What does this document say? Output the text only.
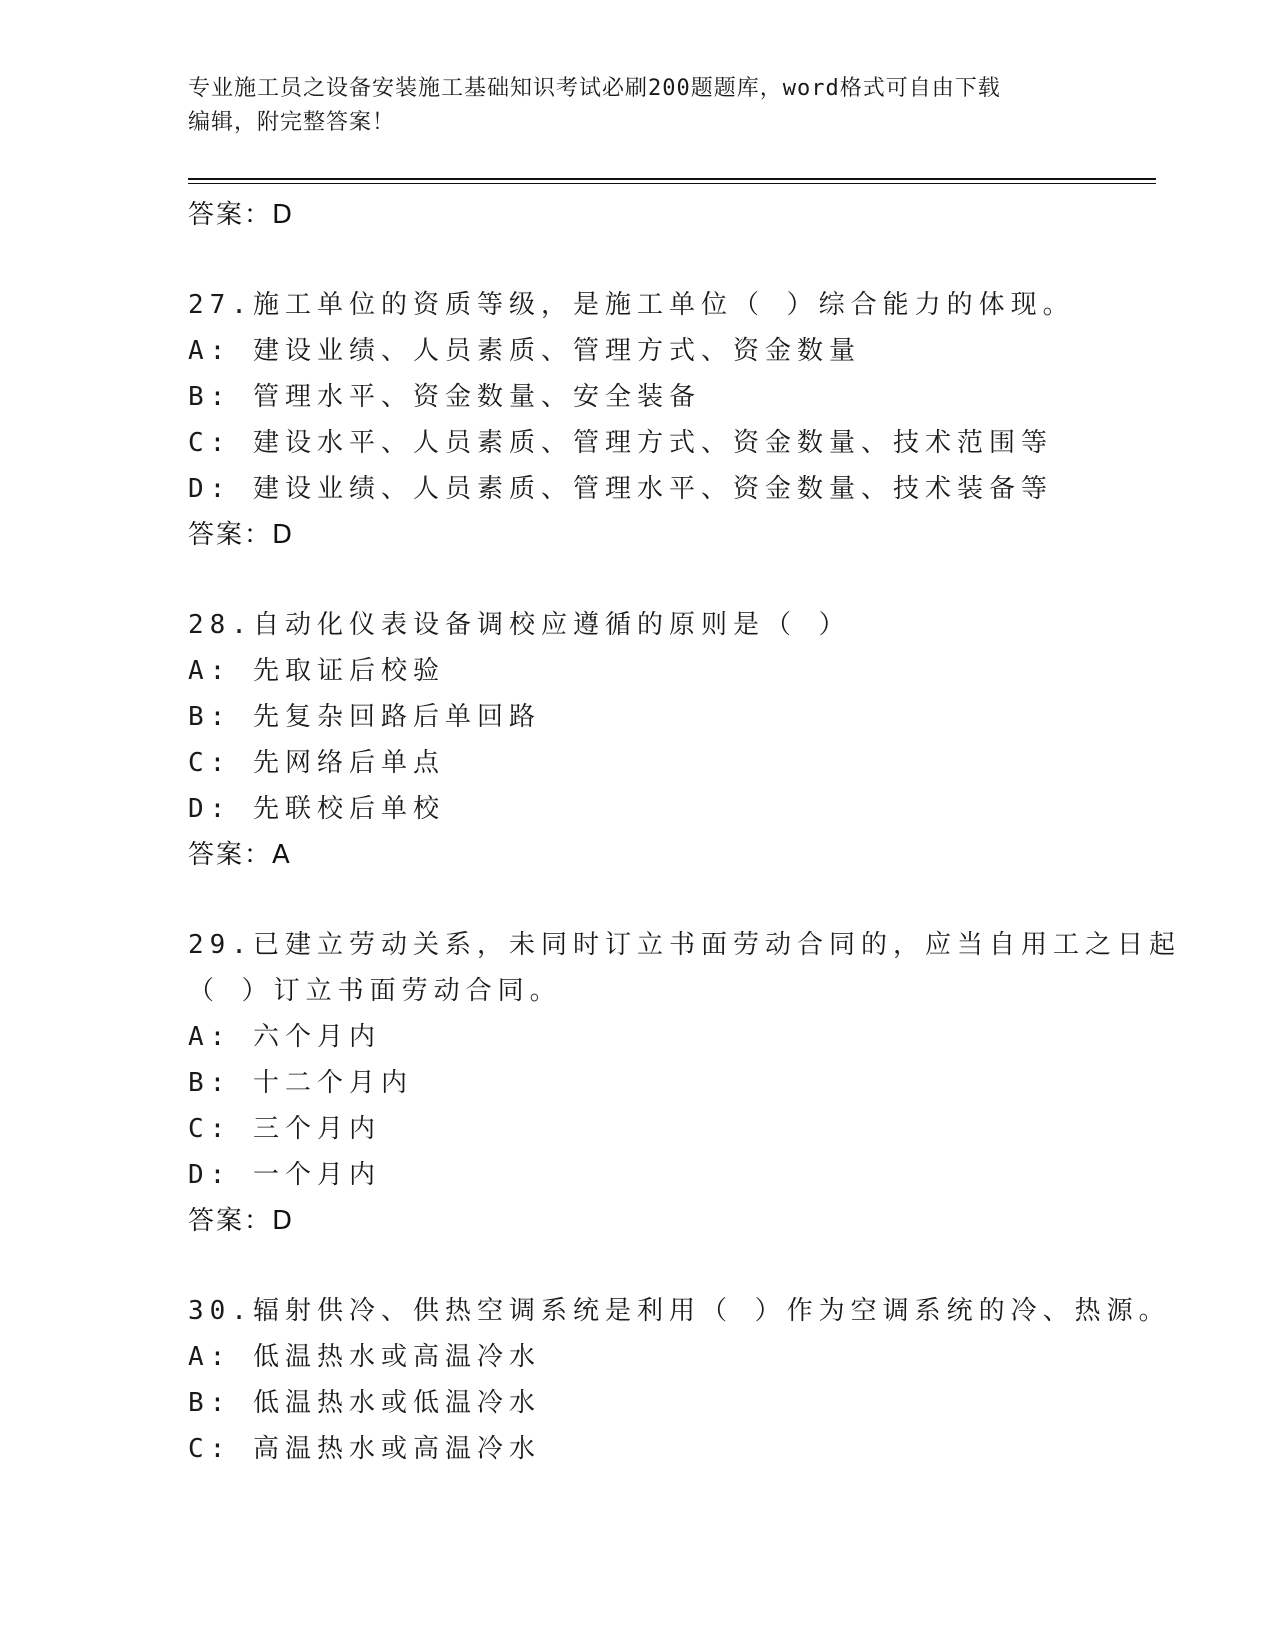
专业施工员之设备安装施工基础知识考试必刷200题题库，word格式可自由下载
编辑，附完整答案！
答案：D
27.施工单位的资质等级，是施工单位（ ）综合能力的体现。
A: 建设业绩、人员素质、管理方式、资金数量
B: 管理水平、资金数量、安全装备
C: 建设水平、人员素质、管理方式、资金数量、技术范围等
D: 建设业绩、人员素质、管理水平、资金数量、技术装备等
答案：D
28.自动化仪表设备调校应遵循的原则是（ ）
A: 先取证后校验
B: 先复杂回路后单回路
C: 先网络后单点
D: 先联校后单校
答案：A
29.已建立劳动关系，未同时订立书面劳动合同的，应当自用工之日起
（ ）订立书面劳动合同。
A: 六个月内
B: 十二个月内
C: 三个月内
D: 一个月内
答案：D
30.辐射供冷、供热空调系统是利用（ ）作为空调系统的冷、热源。
A: 低温热水或高温冷水
B: 低温热水或低温冷水
C: 高温热水或高温冷水
